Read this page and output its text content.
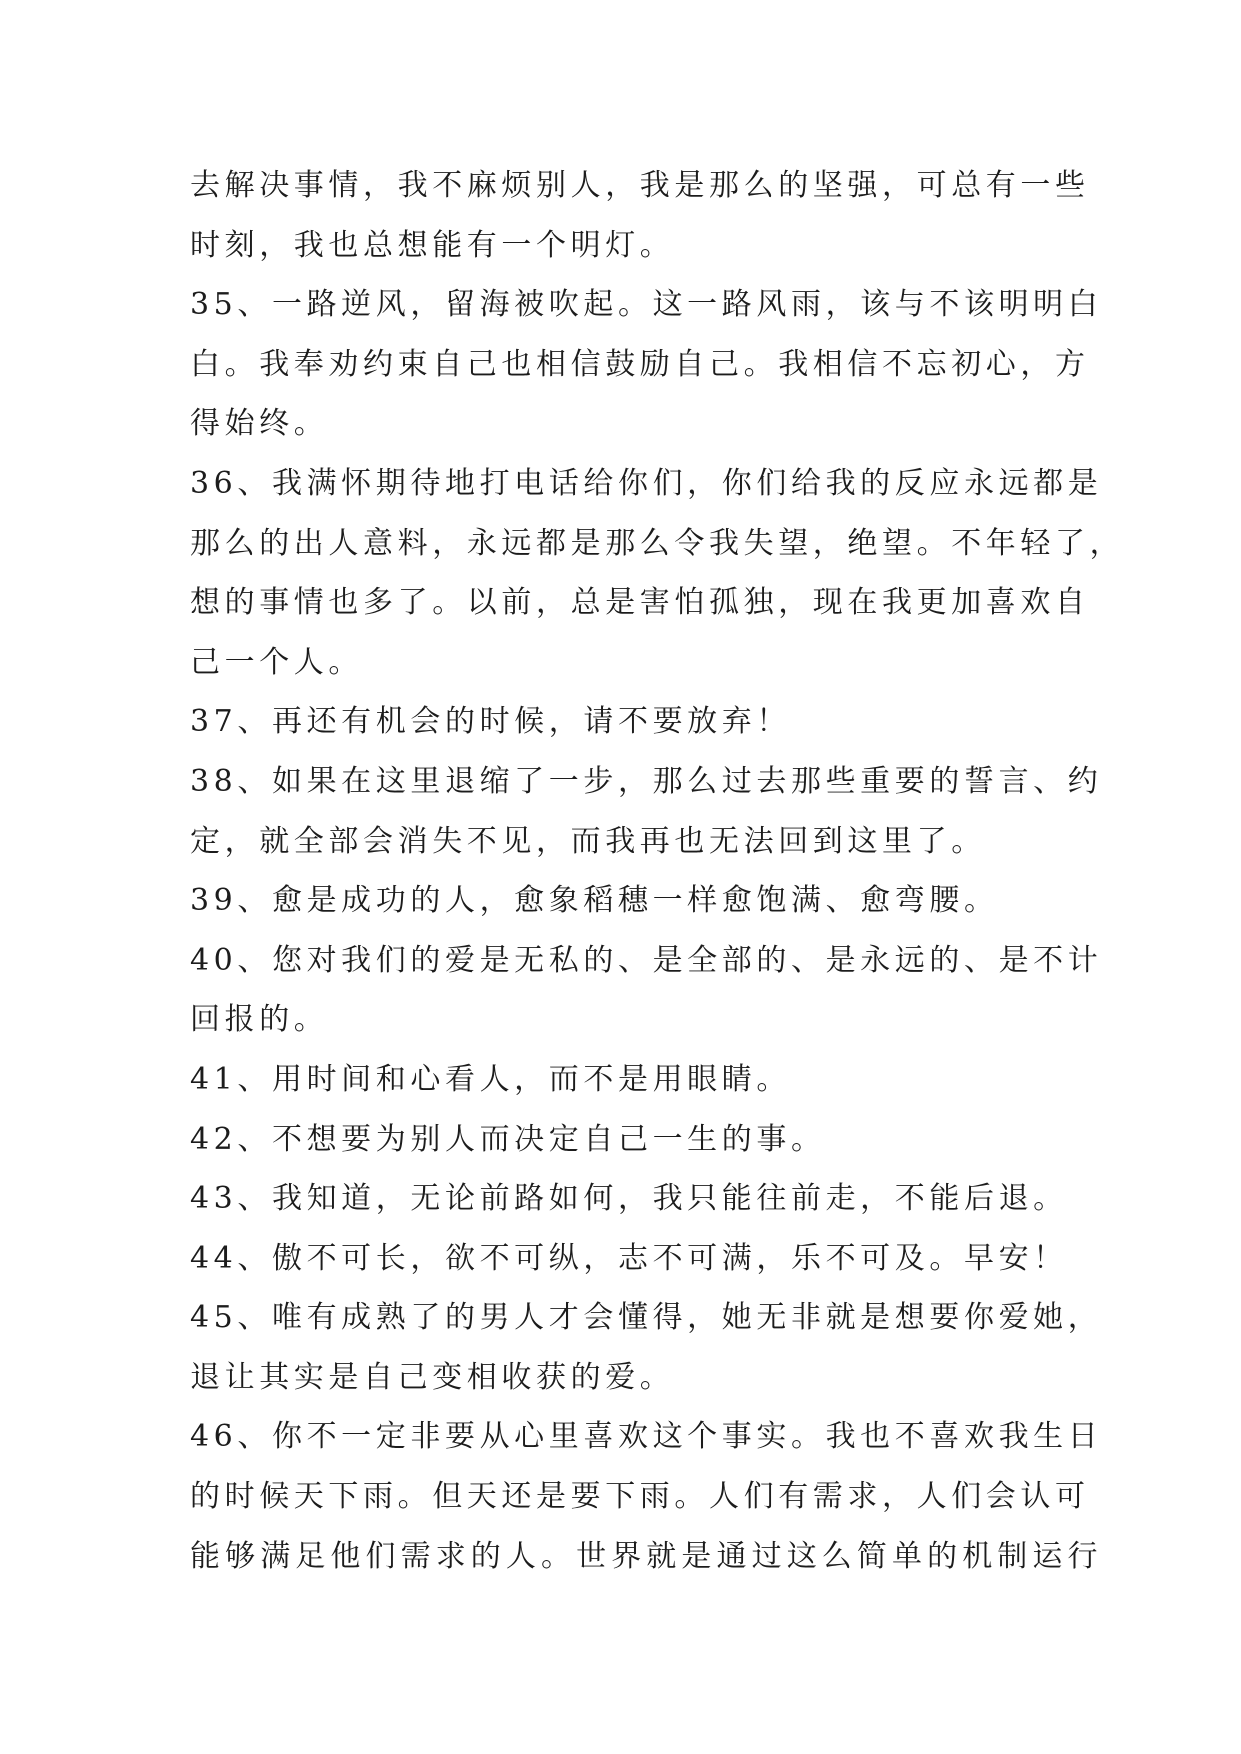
去解决事情，我不麻烦别人，我是那么的坚强，可总有一些
时刻，我也总想能有一个明灯。
35、一路逆风，留海被吹起。这一路风雨，该与不该明明白
白。我奉劝约束自己也相信鼓励自己。我相信不忘初心，方
得始终。
36、我满怀期待地打电话给你们，你们给我的反应永远都是
那么的出人意料，永远都是那么令我失望，绝望。不年轻了，
想的事情也多了。以前，总是害怕孤独，现在我更加喜欢自
己一个人。
37、再还有机会的时候，请不要放弃！
38、如果在这里退缩了一步，那么过去那些重要的誓言、约
定，就全部会消失不见，而我再也无法回到这里了。
39、愈是成功的人，愈象稻穗一样愈饱满、愈弯腰。
40、您对我们的爱是无私的、是全部的、是永远的、是不计
回报的。
41、用时间和心看人，而不是用眼睛。
42、不想要为别人而决定自己一生的事。
43、我知道，无论前路如何，我只能往前走，不能后退。
44、傲不可长，欲不可纵，志不可满，乐不可及。早安！
45、唯有成熟了的男人才会懂得，她无非就是想要你爱她，
退让其实是自己变相收获的爱。
46、你不一定非要从心里喜欢这个事实。我也不喜欢我生日
的时候天下雨。但天还是要下雨。人们有需求，人们会认可
能够满足他们需求的人。世界就是通过这么简单的机制运行
